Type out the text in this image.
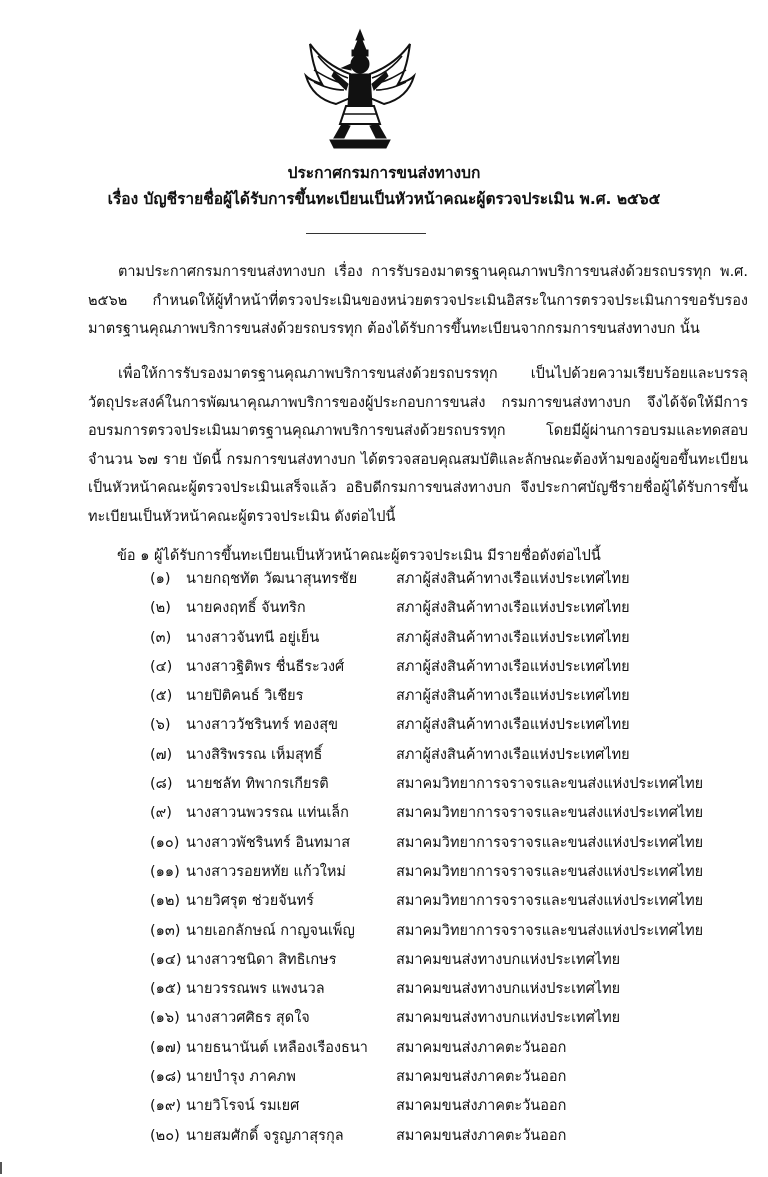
ประกาศกรมการขนส่งทางบก
เรื่อง บัญชีรายชื่อผู้ได้รับการขึ้นทะเบียนเป็นหัวหน้าคณะผู้ตรวจประเมิน พ.ศ. ๒๕๖๕
ตามประกาศกรมการขนส่งทางบก เรื่อง การรับรองมาตรฐานคุณภาพบริการขนส่งด้วยรถบรรทุก พ.ศ. ๒๕๖๒ กำหนดให้ผู้ทำหน้าที่ตรวจประเมินของหน่วยตรวจประเมินอิสระในการตรวจประเมินการขอรับรองมาตรฐานคุณภาพบริการขนส่งด้วยรถบรรทุก ต้องได้รับการขึ้นทะเบียนจากกรมการขนส่งทางบก นั้น
เพื่อให้การรับรองมาตรฐานคุณภาพบริการขนส่งด้วยรถบรรทุก เป็นไปด้วยความเรียบร้อยและบรรลุวัตถุประสงค์ในการพัฒนาคุณภาพบริการของผู้ประกอบการขนส่ง กรมการขนส่งทางบก จึงได้จัดให้มีการอบรมการตรวจประเมินมาตรฐานคุณภาพบริการขนส่งด้วยรถบรรทุก โดยมีผู้ผ่านการอบรมและทดสอบจำนวน ๖๗ ราย บัดนี้ กรมการขนส่งทางบก ได้ตรวจสอบคุณสมบัติและลักษณะต้องห้ามของผู้ขอขึ้นทะเบียนเป็นหัวหน้าคณะผู้ตรวจประเมินเสร็จแล้ว อธิบดีกรมการขนส่งทางบก จึงประกาศบัญชีรายชื่อผู้ได้รับการขึ้นทะเบียนเป็นหัวหน้าคณะผู้ตรวจประเมิน ดังต่อไปนี้
ข้อ ๑ ผู้ได้รับการขึ้นทะเบียนเป็นหัวหน้าคณะผู้ตรวจประเมิน มีรายชื่อดังต่อไปนี้
(๑) นายกฤชทัต วัฒนาสุนทรชัย	สภาผู้ส่งสินค้าทางเรือแห่งประเทศไทย
(๒) นายคงฤทธิ์ จันทริก	สภาผู้ส่งสินค้าทางเรือแห่งประเทศไทย
(๓) นางสาวจันทนี อยู่เย็น	สภาผู้ส่งสินค้าทางเรือแห่งประเทศไทย
(๔) นางสาวฐิติพร ชื่นธีระวงศ์	สภาผู้ส่งสินค้าทางเรือแห่งประเทศไทย
(๕) นายปิติคนธ์ วิเชียร	สภาผู้ส่งสินค้าทางเรือแห่งประเทศไทย
(๖) นางสาววัชรินทร์ ทองสุข	สภาผู้ส่งสินค้าทางเรือแห่งประเทศไทย
(๗) นางสิริพรรณ เห็มสุทธิ์	สภาผู้ส่งสินค้าทางเรือแห่งประเทศไทย
(๘) นายชลัท ทิพากรเกียรติ	สมาคมวิทยาการจราจรและขนส่งแห่งประเทศไทย
(๙) นางสาวนพวรรณ แท่นเล็ก	สมาคมวิทยาการจราจรและขนส่งแห่งประเทศไทย
(๑๐) นางสาวพัชรินทร์ อินทมาส	สมาคมวิทยาการจราจรและขนส่งแห่งประเทศไทย
(๑๑) นางสาวรอยหทัย แก้วใหม่	สมาคมวิทยาการจราจรและขนส่งแห่งประเทศไทย
(๑๒) นายวิศรุต ช่วยจันทร์	สมาคมวิทยาการจราจรและขนส่งแห่งประเทศไทย
(๑๓) นายเอกลักษณ์ กาญจนเพ็ญ	สมาคมวิทยาการจราจรและขนส่งแห่งประเทศไทย
(๑๔) นางสาวชนิดา สิทธิเกษร	สมาคมขนส่งทางบกแห่งประเทศไทย
(๑๕) นายวรรณพร แพงนวล	สมาคมขนส่งทางบกแห่งประเทศไทย
(๑๖) นางสาวศศิธร สุดใจ	สมาคมขนส่งทางบกแห่งประเทศไทย
(๑๗) นายธนานันต์ เหลืองเรืองธนา สมาคมขนส่งภาคตะวันออก
(๑๘) นายบำรุง ภาคภพ	สมาคมขนส่งภาคตะวันออก
(๑๙) นายวิโรจน์ รมเยศ	สมาคมขนส่งภาคตะวันออก
(๒๐) นายสมศักดิ์ จรูญภาสุรกุล	สมาคมขนส่งภาคตะวันออก
